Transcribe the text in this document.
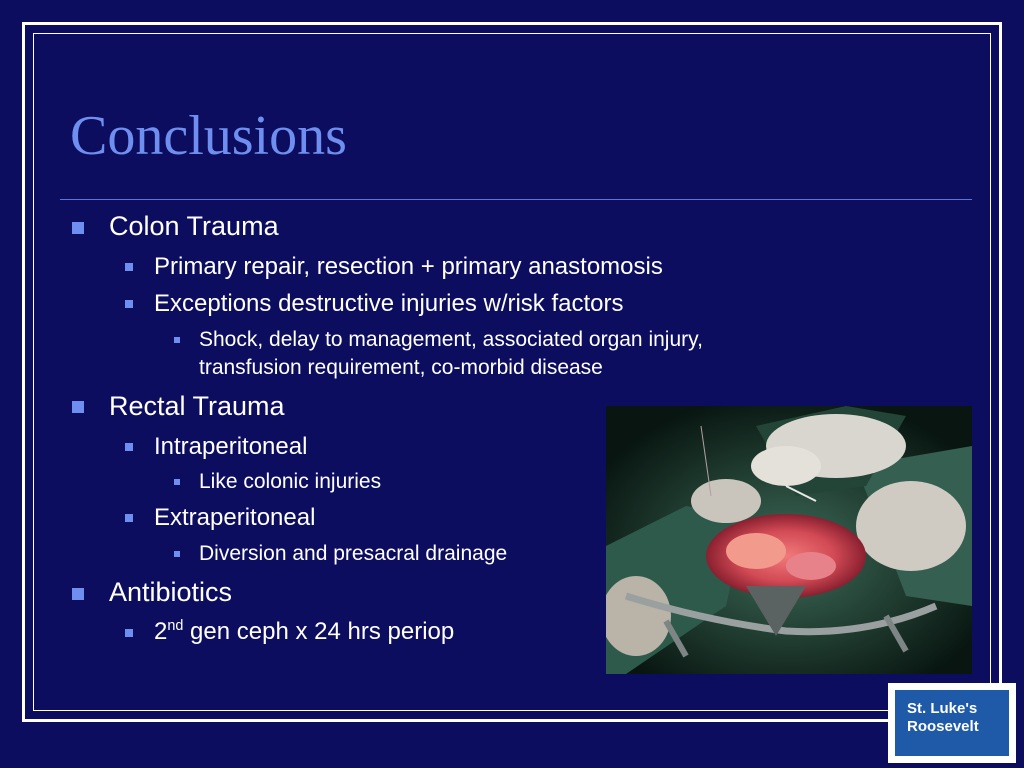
Conclusions
Colon Trauma
Primary repair, resection + primary anastomosis
Exceptions destructive injuries w/risk factors
Shock, delay to management, associated organ injury,
transfusion requirement, co-morbid disease
Rectal Trauma
Intraperitoneal
Like colonic injuries
Extraperitoneal
Diversion and presacral drainage
Antibiotics
2nd gen ceph x 24 hrs periop
St. Luke's
Roosevelt
